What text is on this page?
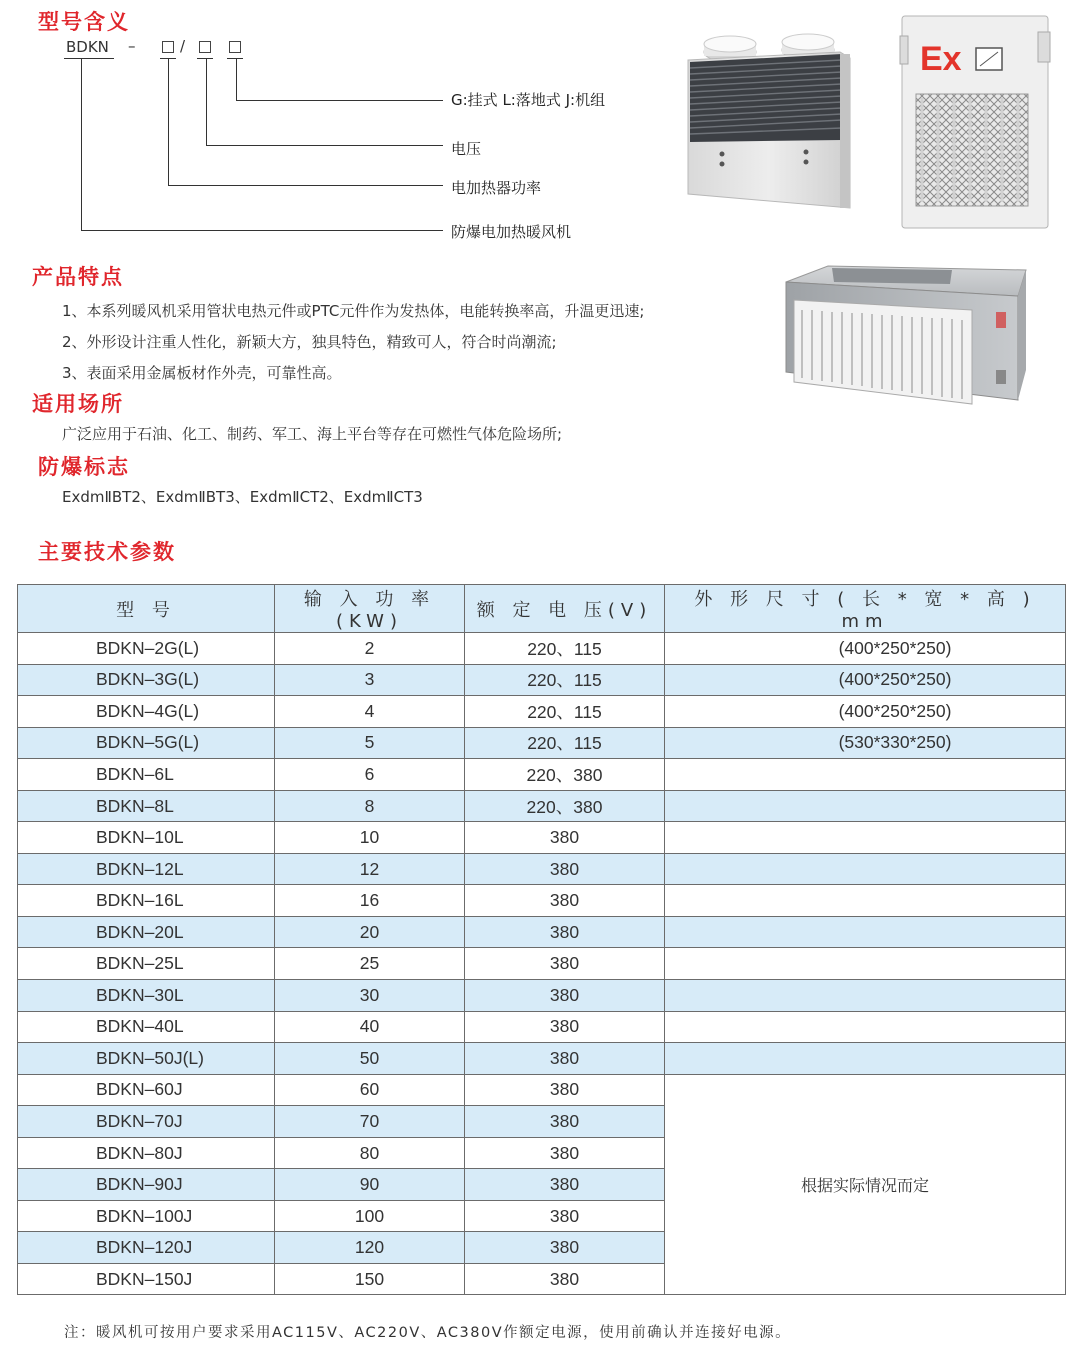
型号含义
BDKN –	/
G:挂式 L:落地式 J:机组
电压
电加热器功率
防爆电加热暖风机
Ex
产品特点
1、本系列暖风机采用管状电热元件或PTC元件作为发热体，电能转换率高，升温更迅速;
2、外形设计注重人性化，新颖大方，独具特色，精致可人，符合时尚潮流;
3、表面采用金属板材作外壳，可靠性高。
适用场所
广泛应用于石油、化工、制药、军工、海上平台等存在可燃性气体危险场所;
防爆标志
ExdmⅡBT2、ExdmⅡBT3、ExdmⅡCT2、ExdmⅡCT3
主要技术参数
型 号	输 入 功 率(KW)	额 定 电 压(V)	外 形 尺 寸 ( 长 * 宽 * 高 ) mm
BDKN–2G(L)	2	220、115	(400*250*250)
BDKN–3G(L)	3	220、115	(400*250*250)
BDKN–4G(L)	4	220、115	(400*250*250)
BDKN–5G(L)	5	220、115	(530*330*250)
BDKN–6L	6	220、380	
BDKN–8L	8	220、380	
BDKN–10L	10	380	
BDKN–12L	12	380	
BDKN–16L	16	380	
BDKN–20L	20	380	
BDKN–25L	25	380	
BDKN–30L	30	380	
BDKN–40L	40	380	
BDKN–50J(L)	50	380	
BDKN–60J	60	380	根据实际情况而定
BDKN–70J	70	380	
BDKN–80J	80	380	
BDKN–90J	90	380	
BDKN–100J	100	380	
BDKN–120J	120	380	
BDKN–150J	150	380	
注：暖风机可按用户要求采用AC115V、AC220V、AC380V作额定电源，使用前确认并连接好电源。
